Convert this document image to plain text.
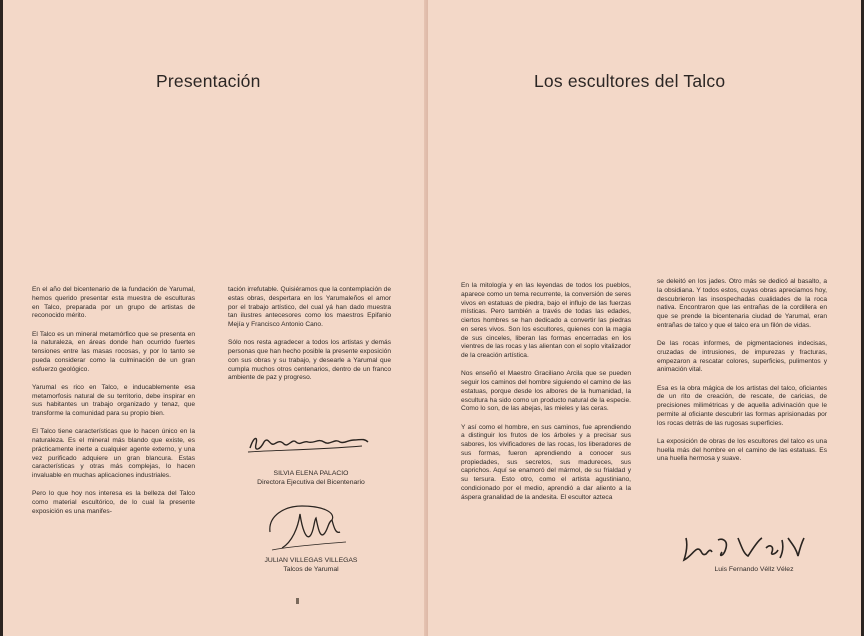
Presentación

En el año del bicentenario de la fundación de Yarumal, hemos querido presentar esta muestra de esculturas en Talco, preparada por un grupo de artistas de reconocido mérito.

El Talco es un mineral metamórfico que se presenta en la naturaleza, en áreas donde han ocurrido fuertes tensiones entre las masas rocosas, y por lo tanto se pueda considerar como la culminación de un gran esfuerzo geológico.

Yarumal es rico en Talco, e inducablemente esa metamorfosis natural de su territorio, debe inspirar en sus habitantes un trabajo organizado y tenaz, que transforme la comunidad para su propio bien.

El Talco tiene características que lo hacen único en la naturaleza. Es el mineral más blando que existe, es prácticamente inerte a cualquier agente externo, y una vez purificado adquiere un gran blancura. Estas características y otras más complejas, lo hacen invaluable en muchas aplicaciones industriales.

Pero lo que hoy nos interesa es la belleza del Talco como material escultórico, de lo cual la presente exposición es una manifes-

tación irrefutable. Quisiéramos que la contemplación de estas obras, despertara en los Yarumaleños el amor por el trabajo artístico, del cual yá han dado muestra tan ilustres antecesores como los maestros Epifanio Mejía y Francisco Antonio Cano.

Sólo nos resta agradecer a todos los artistas y demás personas que han hecho posible la presente exposición con sus obras y su trabajo, y desearle a Yarumal que cumpla muchos otros centenarios, dentro de un franco ambiente de paz y progreso.

SILVIA ELENA PALACIO
Directora Ejecutiva del Bicentenario
JULIAN VILLEGAS VILLEGAS
Talcos de Yarumal
Los escultores del Talco

En la mitología y en las leyendas de todos los pueblos, aparece como un tema recurrente, la conversión de seres vivos en estatuas de piedra, bajo el influjo de las fuerzas místicas. Pero también a través de todas las edades, ciertos hombres se han dedicado a convertir las piedras en seres vivos. Son los escultores, quienes con la magia de sus cinceles, liberan las formas encerradas en los vientres de las rocas y las alientan con el soplo vitalizador de la creación artística.

Nos enseñó el Maestro Graciliano Arcila que se pueden seguir los caminos del hombre siguiendo el camino de las estatuas, porque desde los albores de la humanidad, la escultura ha sido como un producto natural de la especie. Como lo son, de las abejas, las mieles y las ceras.

Y así como el hombre, en sus caminos, fue aprendiendo a distinguir los frutos de los árboles y a precisar sus sabores, los vivificadores de las rocas, los liberadores de sus formas, fueron aprendiendo a conocer sus propiedades, sus secretos, sus madureces, sus caprichos. Aquí se enamoró del mármol, de su frialdad y su tersura. Esto otro, como el artista agustiniano, condicionado por el medio, aprendió a dar aliento a la áspera granalidad de la andesita. El escultor azteca

se deleitó en los jades. Otro más se dedicó al basalto, a la obsidiana. Y todos estos, cuyas obras apreciamos hoy, descubrieron las insospechadas cualidades de la roca nativa. Encontraron que las entrañas de la cordillera en que se prende la bicentenaria ciudad de Yarumal, eran entrañas de talco y que el talco era un filón de vidas.

De las rocas informes, de pigmentaciones indecisas, cruzadas de intrusiones, de impurezas y fracturas, empezaron a rescatar colores, superficies, pulimentos y animación vital.

Esa es la obra mágica de los artistas del talco, oficiantes de un rito de creación, de rescate, de caricias, de precisiones milimétricas y de aquella adivinación que le permite al oficiante descubrir las formas aprisionadas por los rocas detrás de las rugosas superficies.

La exposición de obras de los escultores del talco es una huella más del hombre en el camino de las estatuas. Es una huella hermosa y suave.

Luis Fernando Véllz Vélez
